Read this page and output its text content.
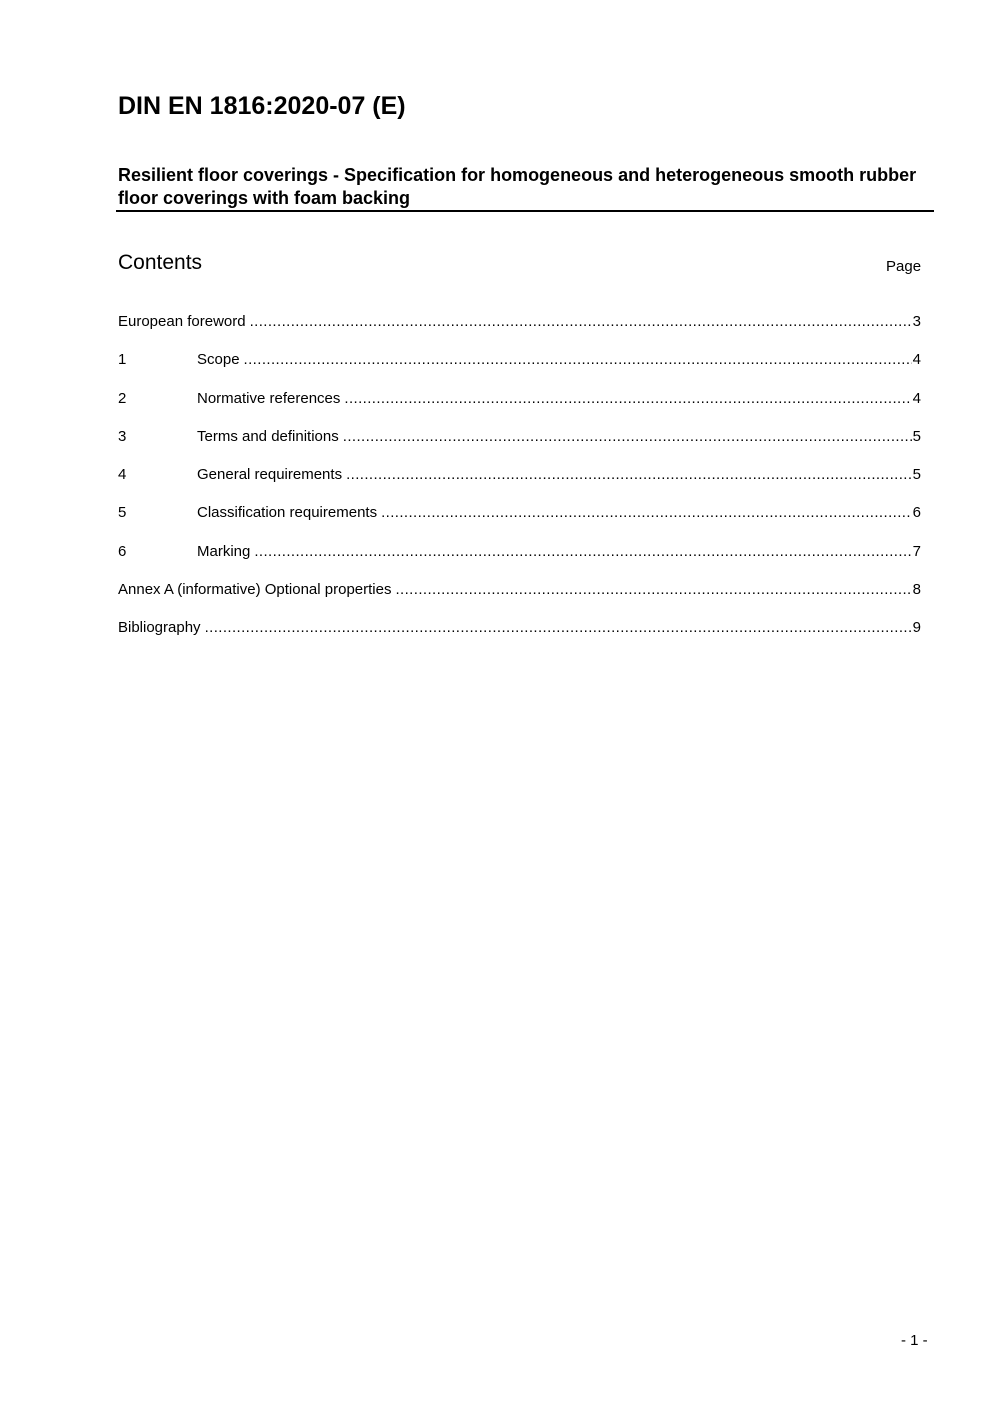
DIN EN 1816:2020-07 (E)
Resilient floor coverings - Specification for homogeneous and heterogeneous smooth rubber floor coverings with foam backing
Contents	Page
European foreword .....	3
1	Scope .....	4
2	Normative references .....	4
3	Terms and definitions .....	5
4	General requirements .....	5
5	Classification requirements .....	6
6	Marking .....	7
Annex A (informative) Optional properties .....	8
Bibliography .....	9
- 1 -
